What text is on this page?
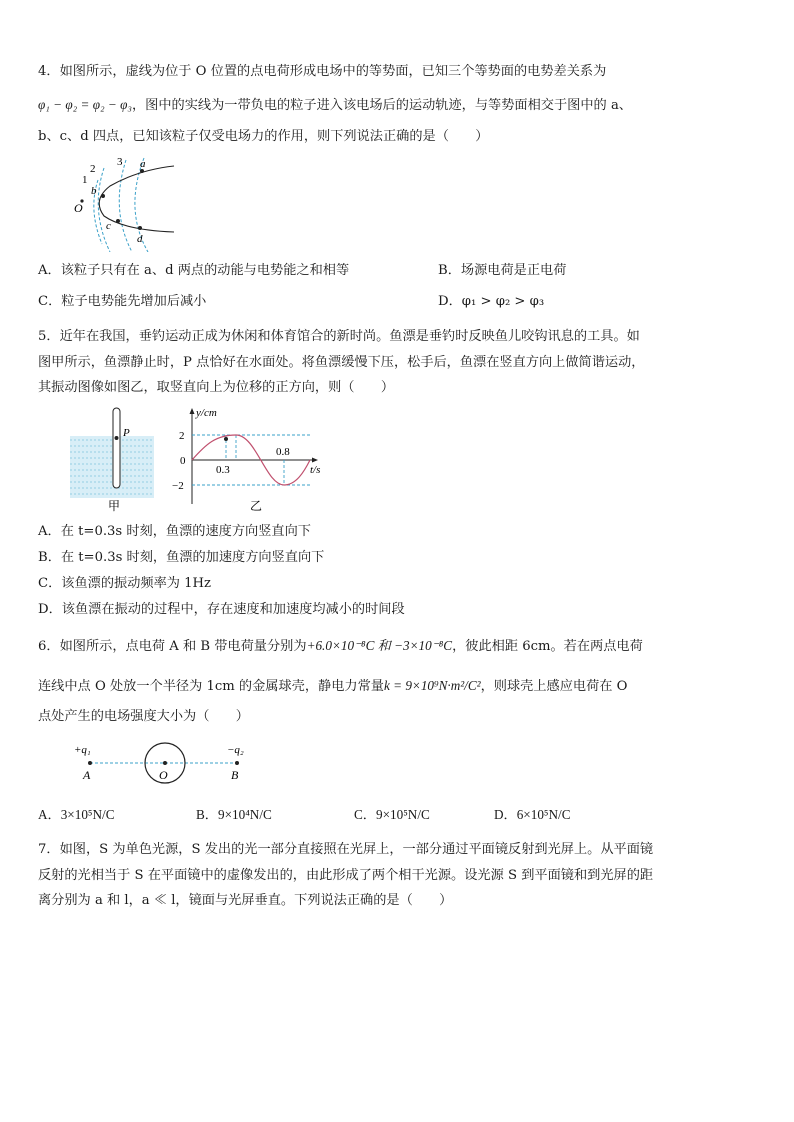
4．如图所示，虚线为位于 O 位置的点电荷形成电场中的等势面，已知三个等势面的电势差关系为
φ₁ − φ₂ = φ₂ − φ₃，图中的实线为一带负电的粒子进入该电场后的运动轨迹，与等势面相交于图中的 a、
b、c、d 四点，已知该粒子仅受电场力的作用，则下列说法正确的是（　　）
1
2
3 a
b
c
d
O
A．该粒子只有在 a、d 两点的动能与电势能之和相等	B．场源电荷是正电荷
C．粒子电势能先增加后减小	D．φ₁ > φ₂ > φ₃
5．近年在我国，垂钓运动正成为休闲和体育馆合的新时尚。鱼漂是垂钓时反映鱼儿咬钩讯息的工具。如
图甲所示，鱼漂静止时，P 点恰好在水面处。将鱼漂缓慢下压，松手后，鱼漂在竖直方向上做简谐运动，
其振动图像如图乙，取竖直向上为位移的正方向，则（　　）
P
甲
y/cm
2
0
−2
0.3
0.8
t/s
乙
A．在 t=0.3s 时刻，鱼漂的速度方向竖直向下
B．在 t=0.3s 时刻，鱼漂的加速度方向竖直向下
C．该鱼漂的振动频率为 1Hz
D．该鱼漂在振动的过程中，存在速度和加速度均减小的时间段
6．如图所示，点电荷 A 和 B 带电荷量分别为+6.0×10⁻⁸C 和 −3×10⁻⁸C，彼此相距 6cm。若在两点电荷
连线中点 O 处放一个半径为 1cm 的金属球壳，静电力常量k = 9×10⁹N·m²/C²，则球壳上感应电荷在 O
点处产生的电场强度大小为（　　）
+q₁	−q₂
A	O	B
A．3×10⁵N/C	B．9×10⁴N/C	C．9×10⁵N/C	D．6×10⁵N/C
7．如图，S 为单色光源，S 发出的光一部分直接照在光屏上，一部分通过平面镜反射到光屏上。从平面镜
反射的光相当于 S 在平面镜中的虚像发出的，由此形成了两个相干光源。设光源 S 到平面镜和到光屏的距
离分别为 a 和 l，a ≪ l，镜面与光屏垂直。下列说法正确的是（　　）
